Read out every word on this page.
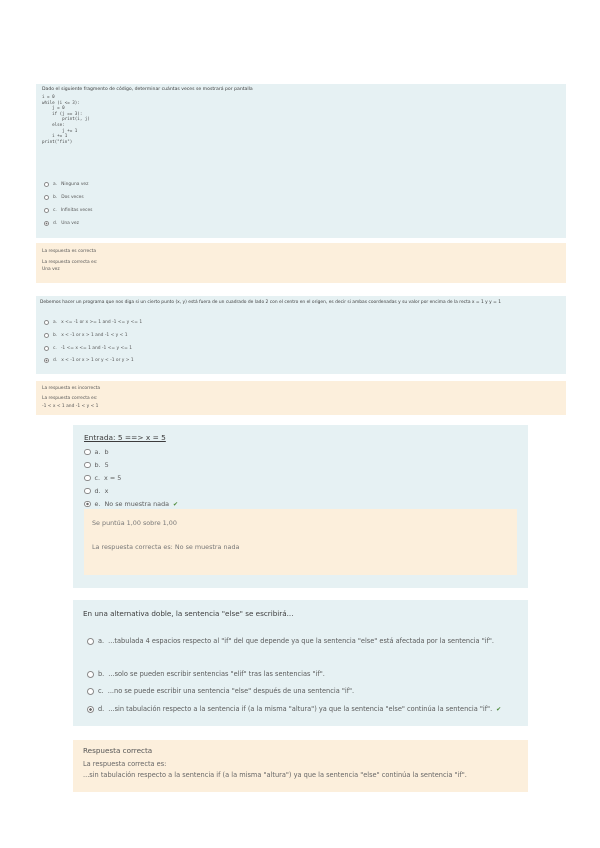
Dado el siguiente fragmento de código, determinar cuántas veces se mostrará por pantalla
i = 0
while (i <= 3):
j = 0
if (j == 3):
print(i, j)
else:
j += 1
i += 1
print("fin")
a. Ninguna vez
b. Dos veces
c. Infinitas veces
d. Una vez
La respuesta es correcta
La respuesta correcta es:
Una vez
Debemos hacer un programa que nos diga si un cierto punto (x, y) está fuera de un cuadrado de lado 2 con el centro en el origen, es decir si ambas coordenadas y su valor por encima de la recta x = 1 y y = 1
a. x <= -1 or x >= 1 and -1 <= y <= 1
b. x < -1 or x > 1 and -1 < y < 1
c. -1 <= x <= 1 and -1 <= y <= 1
d. x < -1 or x > 1 or y < -1 or y > 1
La respuesta es incorrecta
La respuesta correcta es:
-1 < x < 1 and -1 < y < 1
Entrada: 5 ==> x = 5
a. b
b. 5
c. x = 5
d. x
e. No se muestra nada ✔
Se puntúa 1,00 sobre 1,00
La respuesta correcta es: No se muestra nada
En una alternativa doble, la sentencia "else" se escribirá...
a. ...tabulada 4 espacios respecto al "if" del que depende ya que la sentencia "else" está afectada por la sentencia "if".
b. ...solo se pueden escribir sentencias "elif" tras las sentencias "if".
c. ...no se puede escribir una sentencia "else" después de una sentencia "if".
d. ...sin tabulación respecto a la sentencia if (a la misma "altura") ya que la sentencia "else" continúa la sentencia "if". ✔
Respuesta correcta
La respuesta correcta es:
...sin tabulación respecto a la sentencia if (a la misma "altura") ya que la sentencia "else" continúa la sentencia "if".
